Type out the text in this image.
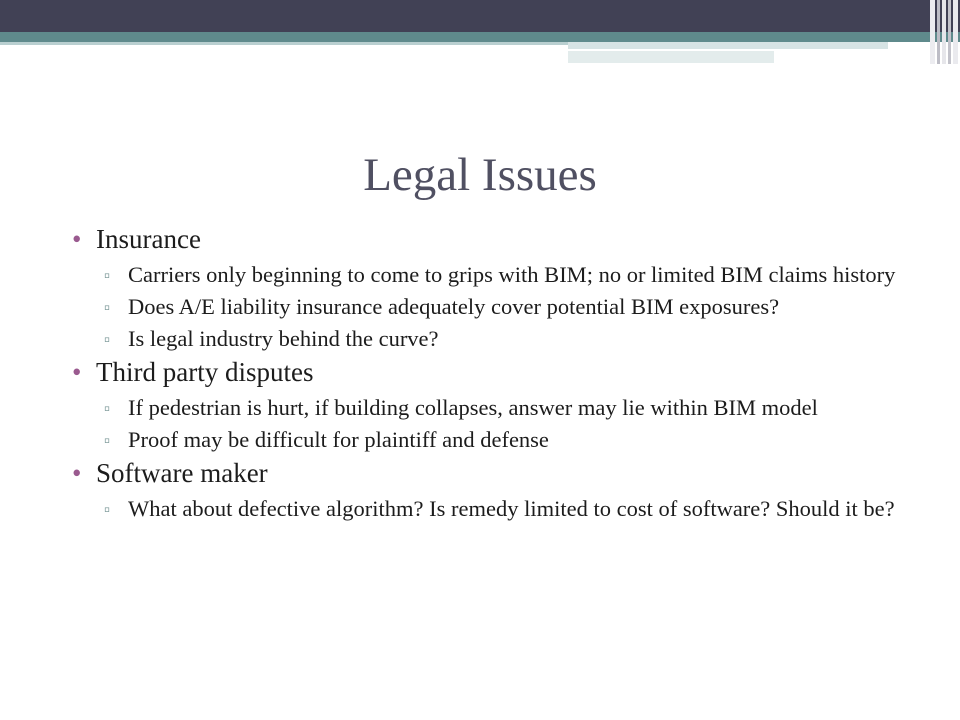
Legal Issues
• Insurance
▫ Carriers only beginning to come to grips with BIM; no or limited BIM claims history
▫ Does A/E liability insurance adequately cover potential BIM exposures?
▫ Is legal industry behind the curve?
• Third party disputes
▫ If pedestrian is hurt, if building collapses, answer may lie within BIM model
▫ Proof may be difficult for plaintiff and defense
• Software maker
▫ What about defective algorithm? Is remedy limited to cost of software? Should it be?
